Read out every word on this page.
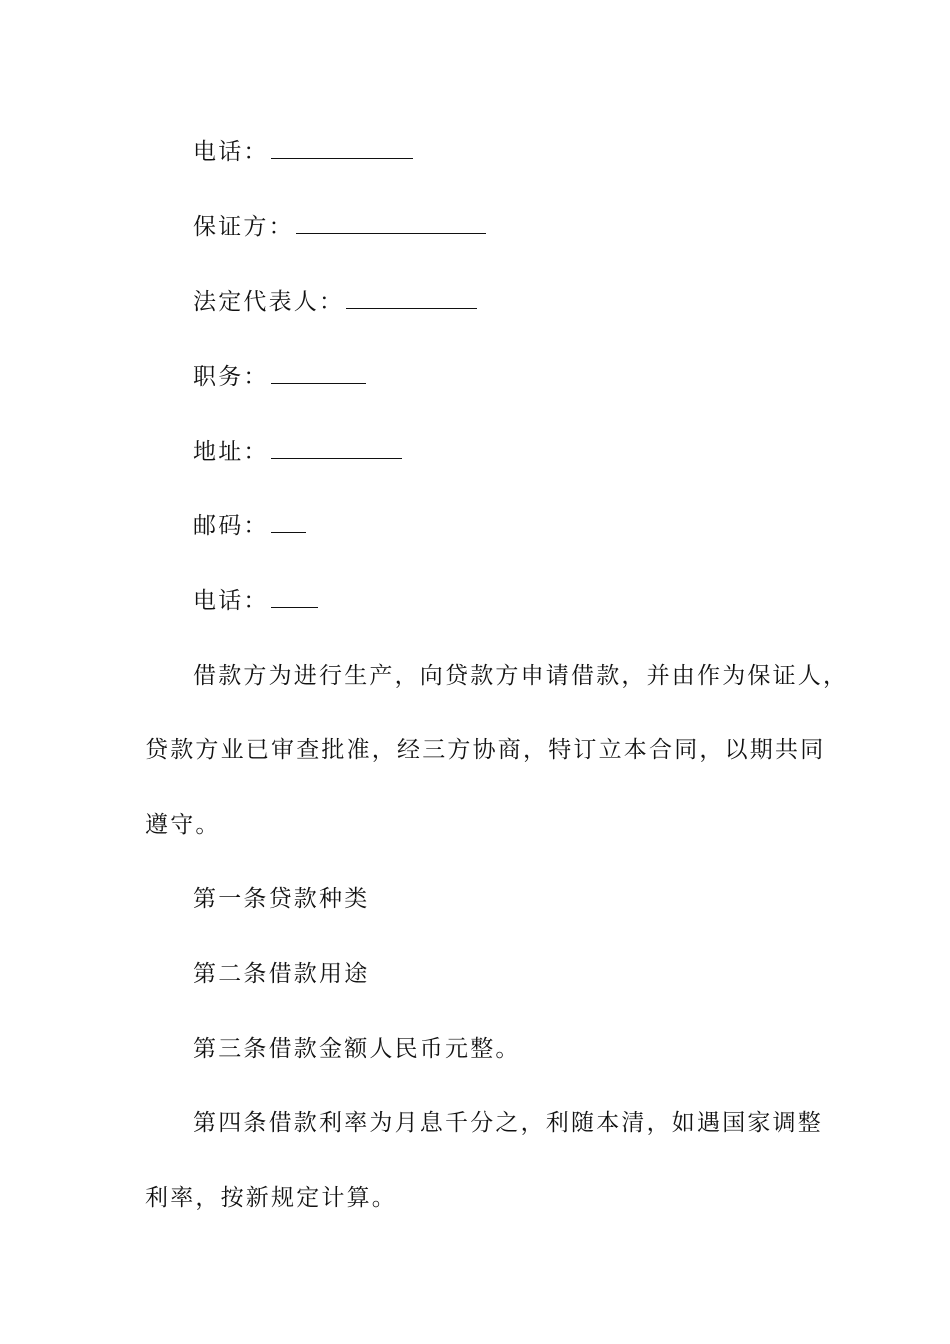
电话：
保证方：
法定代表人：
职务：
地址：
邮码：
电话：
借款方为进行生产，向贷款方申请借款，并由作为保证人，
贷款方业已审查批准，经三方协商，特订立本合同，以期共同
遵守。
第一条贷款种类
第二条借款用途
第三条借款金额人民币元整。
第四条借款利率为月息千分之，利随本清，如遇国家调整
利率，按新规定计算。
